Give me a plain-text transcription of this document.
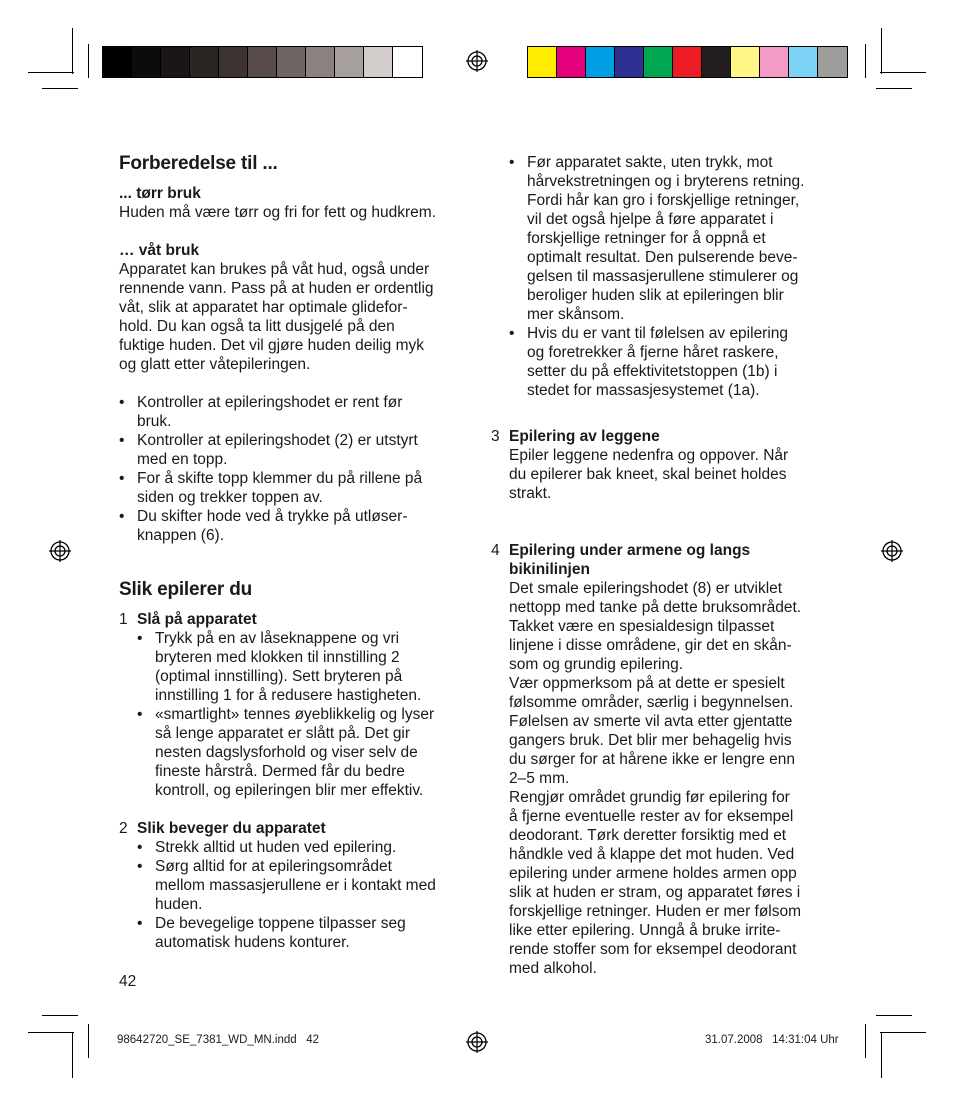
Forberedelse til ...

... tørr bruk

Huden må være tørr og fri for fett og hudkrem.

… våt bruk

Apparatet kan brukes på våt hud, også under
rennende vann. Pass på at huden er ordentlig
våt, slik at apparatet har optimale glidefor-
hold. Du kan også ta litt dusjgelé på den
fuktige huden. Det vil gjøre huden deilig myk
og glatt etter våtepileringen.
• Kontroller at epileringshodet er rent før
bruk.
• Kontroller at epileringshodet (2) er utstyrt
med en topp.
• For å skifte topp klemmer du på rillene på
siden og trekker toppen av.
• Du skifter hode ved å trykke på utløser-
knappen (6).
Slik epilerer du
1 Slå på apparatet

• Trykk på en av låseknappene og vri
bryteren med klokken til innstilling 2
(optimal innstilling). Sett bryteren på
innstilling 1 for å redusere hastigheten.
• «smartlight» tennes øyeblikkelig og lyser
så lenge apparatet er slått på. Det gir
nesten dagslysforhold og viser selv de
fineste hårstrå. Dermed får du bedre
kontroll, og epileringen blir mer effektiv.
2 Slik beveger du apparatet

• Strekk alltid ut huden ved epilering.
• Sørg alltid for at epileringsområdet
mellom massasjerullene er i kontakt med
huden.
• De bevegelige toppene tilpasser seg
automatisk hudens konturer.
• Før apparatet sakte, uten trykk, mot
hårvekstretningen og i bryterens retning.
Fordi hår kan gro i forskjellige retninger,
vil det også hjelpe å føre apparatet i
forskjellige retninger for å oppnå et
optimalt resultat. Den pulserende beve-
gelsen til massasjerullene stimulerer og
beroliger huden slik at epileringen blir
mer skånsom.
• Hvis du er vant til følelsen av epilering
og foretrekker å fjerne håret raskere,
setter du på effektivitetstoppen (1b) i
stedet for massasjesystemet (1a).
3 Epilering av leggene

Epiler leggene nedenfra og oppover. Når
du epilerer bak kneet, skal beinet holdes
strakt.
4 Epilering under armene og langs
bikinilinjen
Det smale epileringshodet (8) er utviklet
nettopp med tanke på dette bruksområdet.
Takket være en spesialdesign tilpasset
linjene i disse områdene, gir det en skån-
som og grundig epilering.
Vær oppmerksom på at dette er spesielt
følsomme områder, særlig i begynnelsen.
Følelsen av smerte vil avta etter gjentatte
gangers bruk. Det blir mer behagelig hvis
du sørger for at hårene ikke er lengre enn
2–5 mm.
Rengjør området grundig før epilering for
å fjerne eventuelle rester av for eksempel
deodorant. Tørk deretter forsiktig med et
håndkle ved å klappe det mot huden. Ved
epilering under armene holdes armen opp
slik at huden er stram, og apparatet føres i
forskjellige retninger. Huden er mer følsom
like etter epilering. Unngå å bruke irrite-
rende stoffer som for eksempel deodorant
med alkohol.
42
98642720_SE_7381_WD_MN.indd   42	31.07.2008   14:31:04 Uhr
